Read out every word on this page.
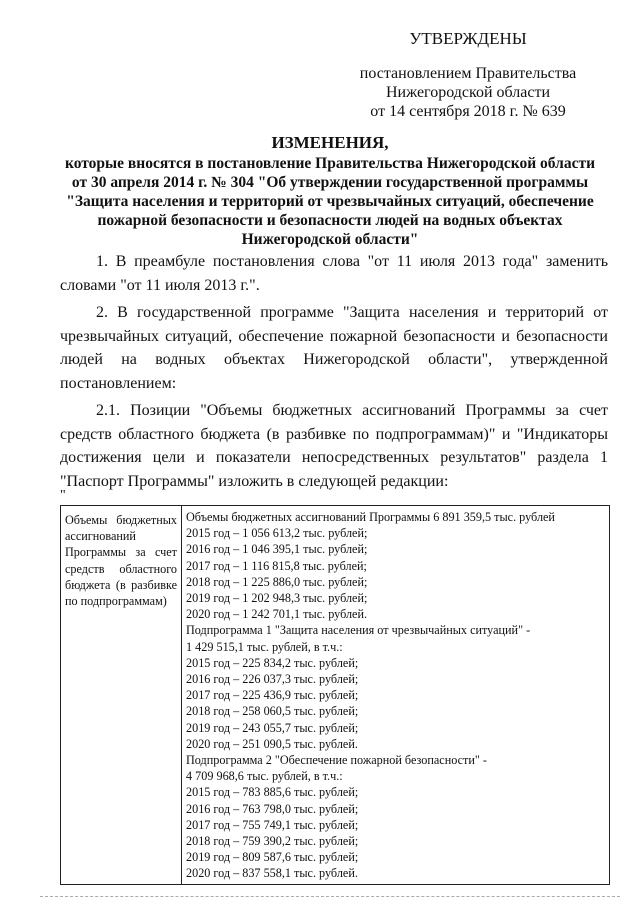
УТВЕРЖДЕНЫ
постановлением Правительства
Нижегородской области
от 14 сентября 2018 г. № 639
ИЗМЕНЕНИЯ,
которые вносятся в постановление Правительства Нижегородской области
от 30 апреля 2014 г. № 304 "Об утверждении государственной программы
"Защита населения и территорий от чрезвычайных ситуаций, обеспечение
пожарной безопасности и безопасности людей на водных объектах
Нижегородской области"

1. В преамбуле постановления слова "от 11 июля 2013 года" заменить словами "от 11 июля 2013 г.".

2. В государственной программе "Защита населения и территорий от чрезвычайных ситуаций, обеспечение пожарной безопасности и безопасности людей на водных объектах Нижегородской области", утвержденной постановлением:

2.1. Позиции "Объемы бюджетных ассигнований Программы за счет средств областного бюджета (в разбивке по подпрограммам)" и "Индикаторы достижения цели и показатели непосредственных результатов" раздела 1 "Паспорт Программы" изложить в следующей редакции:

"
Объемы бюджетных ассигнований Программы за счет средств областного бюджета (в разбивке по подпрограммам)	
Объемы бюджетных ассигнований Программы 6 891 359,5 тыс. рублей
2015 год – 1 056 613,2 тыс. рублей;
2016 год – 1 046 395,1 тыс. рублей;
2017 год – 1 116 815,8 тыс. рублей;
2018 год – 1 225 886,0 тыс. рублей;
2019 год – 1 202 948,3 тыс. рублей;
2020 год – 1 242 701,1 тыс. рублей.
Подпрограмма 1 "Защита населения от чрезвычайных ситуаций" -
1 429 515,1 тыс. рублей, в т.ч.:
2015 год – 225 834,2 тыс. рублей;
2016 год – 226 037,3 тыс. рублей;
2017 год – 225 436,9 тыс. рублей;
2018 год – 258 060,5 тыс. рублей;
2019 год – 243 055,7 тыс. рублей;
2020 год – 251 090,5 тыс. рублей.
Подпрограмма 2 "Обеспечение пожарной безопасности" -
4 709 968,6 тыс. рублей, в т.ч.:
2015 год – 783 885,6 тыс. рублей;
2016 год – 763 798,0 тыс. рублей;
2017 год – 755 749,1 тыс. рублей;
2018 год – 759 390,2 тыс. рублей;
2019 год – 809 587,6 тыс. рублей;
2020 год – 837 558,1 тыс. рублей.
